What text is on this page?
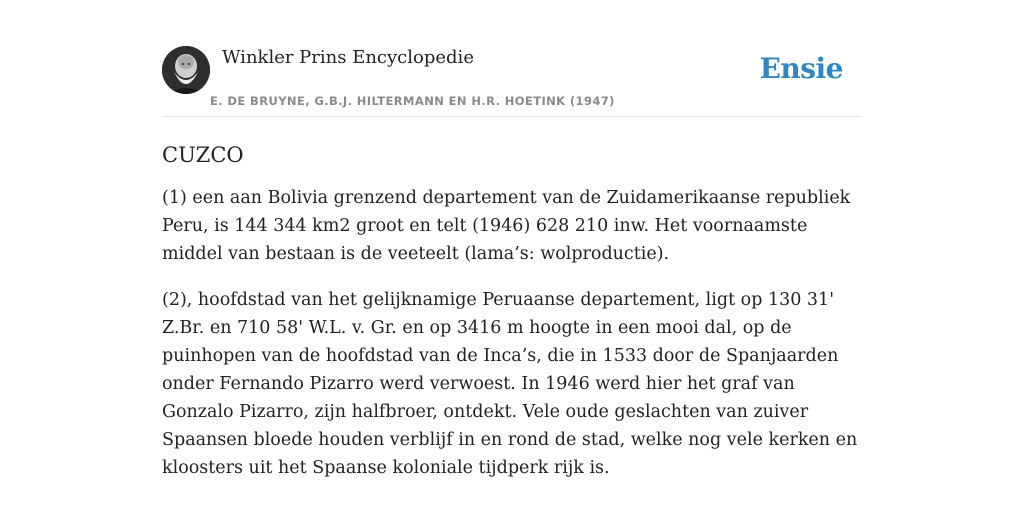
Winkler Prins Encyclopedie
E. DE BRUYNE, G.B.J. HILTERMANN EN H.R. HOETINK (1947)
Ensie
CUZCO

(1) een aan Bolivia grenzend departement van de Zuidamerikaanse republiek Peru, is 144 344 km2 groot en telt (1946) 628 210 inw. Het voornaamste middel van bestaan is de veeteelt (lama’s: wolproductie).

(2), hoofdstad van het gelijknamige Peruaanse departement, ligt op 130 31' Z.Br. en 710 58' W.L. v. Gr. en op 3416 m hoogte in een mooi dal, op de puinhopen van de hoofdstad van de Inca’s, die in 1533 door de Spanjaarden onder Fernando Pizarro werd verwoest. In 1946 werd hier het graf van Gonzalo Pizarro, zijn halfbroer, ontdekt. Vele oude geslachten van zuiver Spaansen bloede houden verblijf in en rond de stad, welke nog vele kerken en kloosters uit het Spaanse koloniale tijdperk rijk is.
